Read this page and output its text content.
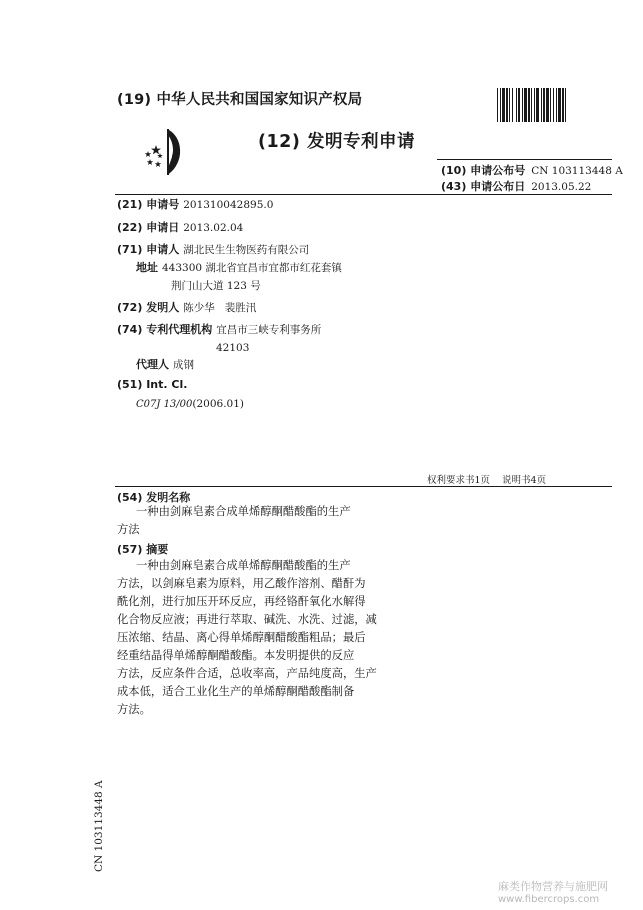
(19) 中华人民共和国国家知识产权局
(12) 发明专利申请
(10) 申请公布号 CN 103113448 A
(43) 申请公布日 2013.05.22
(21) 申请号 201310042895.0
(22) 申请日 2013.02.04
(71) 申请人 湖北民生生物医药有限公司
地址 443300 湖北省宜昌市宜都市红花套镇
荆门山大道 123 号
(72) 发明人 陈少华   裴胜汛
(74) 专利代理机构 宜昌市三峡专利事务所
42103
代理人 成钢
(51) Int. Cl.
C07J 13/00(2006.01)
权利要求书1页 说明书4页
(54) 发明名称
一种由剑麻皂素合成单烯醇酮醋酸酯的生产
方法
(57) 摘要
一种由剑麻皂素合成单烯醇酮醋酸酯的生产
方法，以剑麻皂素为原料，用乙酸作溶剂、醋酐为
酰化剂，进行加压开环反应，再经铬酐氧化水解得
化合物反应液；再进行萃取、碱洗、水洗、过滤，减
压浓缩、结晶、离心得单烯醇酮醋酸酯粗品；最后
经重结晶得单烯醇酮醋酸酯。本发明提供的反应
方法，反应条件合适，总收率高，产品纯度高，生产
成本低，适合工业化生产的单烯醇酮醋酸酯制备
方法。
CN 103113448 A
麻类作物营养与施肥网
www.fibercrops.com
